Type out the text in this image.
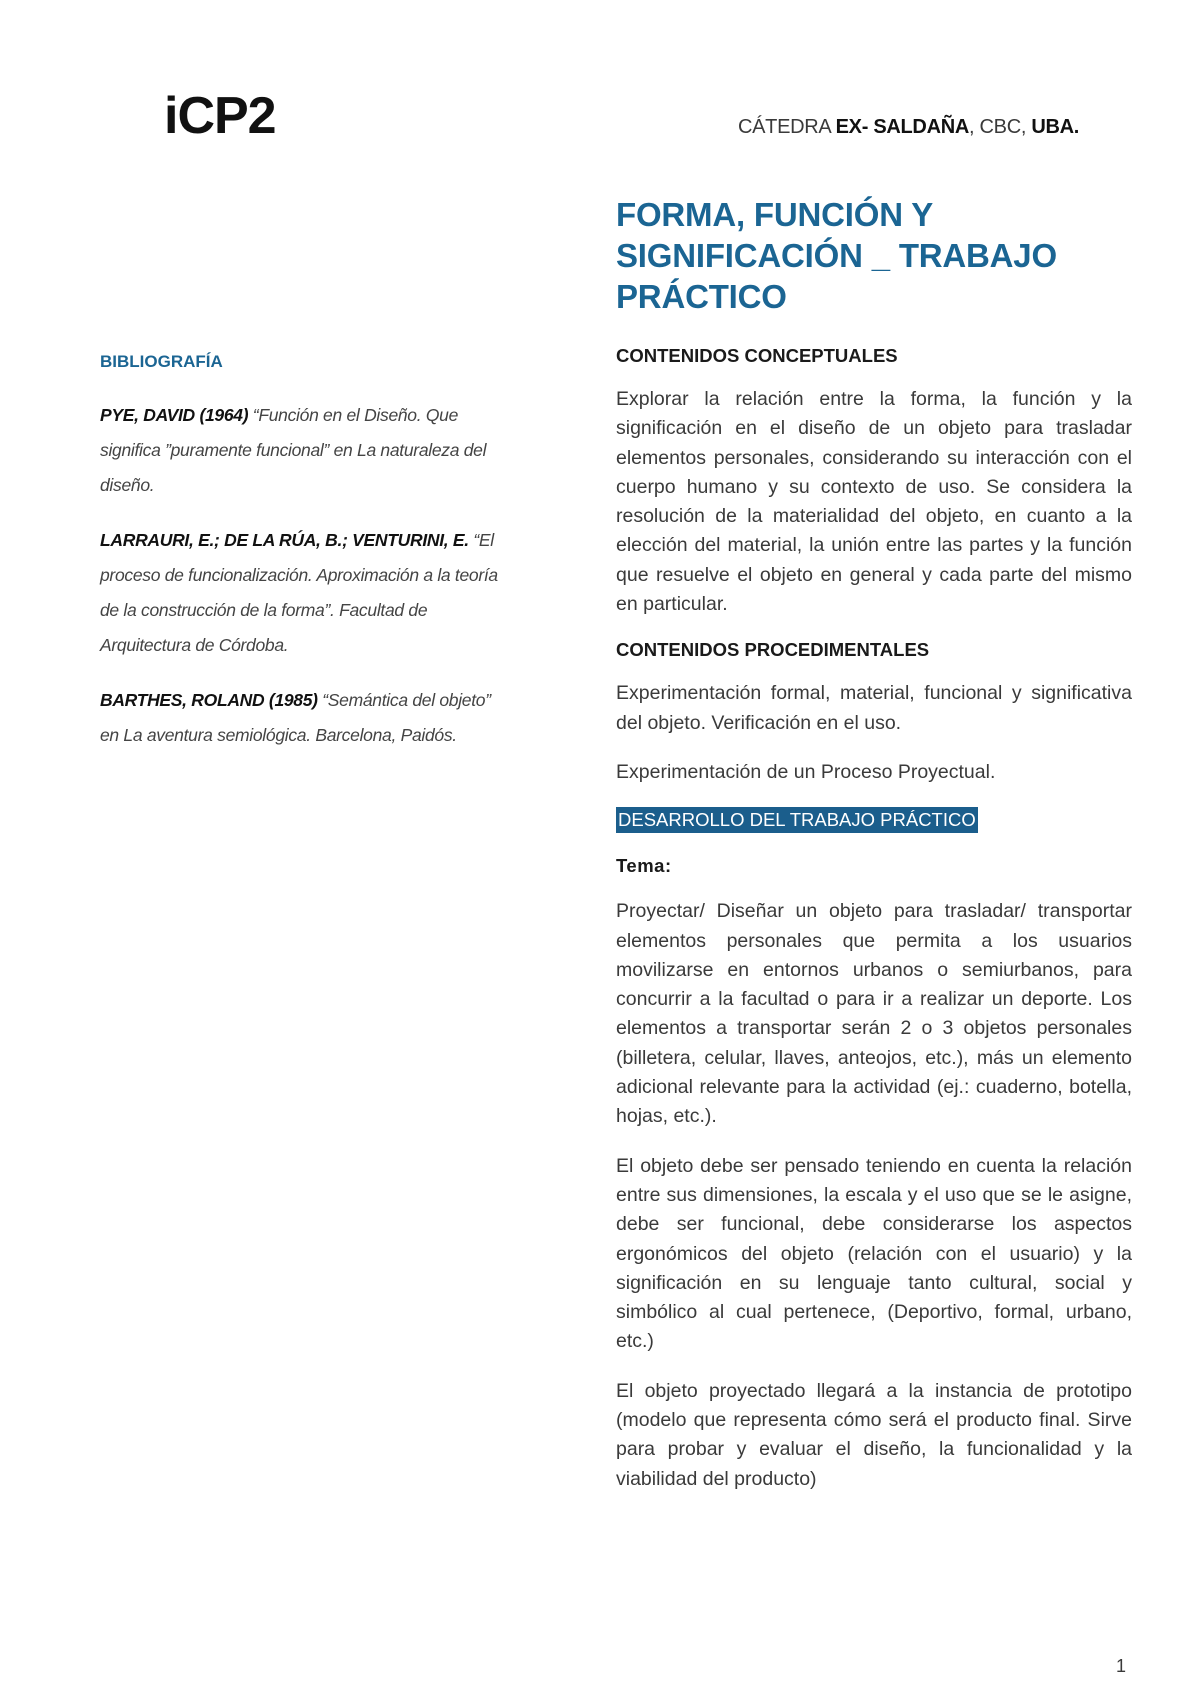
iCP2	CÁTEDRA EX- SALDAÑA, CBC, UBA.
BIBLIOGRAFÍA

PYE, DAVID (1964) “Función en el Diseño. Que significa ”puramente funcional” en La naturaleza del diseño.

LARRAURI, E.; DE LA RÚA, B.; VENTURINI, E. “El proceso de funcionalización. Aproximación a la teoría de la construcción de la forma”. Facultad de Arquitectura de Córdoba.

BARTHES, ROLAND (1985) “Semántica del objeto” en La aventura semiológica. Barcelona, Paidós.

FORMA, FUNCIÓN Y SIGNIFICACIÓN _ TRABAJO PRÁCTICO
CONTENIDOS CONCEPTUALES

Explorar la relación entre la forma, la función y la significación en el diseño de un objeto para trasladar elementos personales, considerando su interacción con el cuerpo humano y su contexto de uso. Se considera la resolución de la materialidad del objeto, en cuanto a la elección del material, la unión entre las partes y la función que resuelve el objeto en general y cada parte del mismo en particular.

CONTENIDOS PROCEDIMENTALES

Experimentación formal, material, funcional y significativa del objeto. Verificación en el uso.

Experimentación de un Proceso Proyectual.

DESARROLLO DEL TRABAJO PRÁCTICO
Tema:

Proyectar/ Diseñar un objeto para trasladar/ transportar elementos personales que permita a los usuarios movilizarse en entornos urbanos o semiurbanos, para concurrir a la facultad o para ir a realizar un deporte. Los elementos a transportar serán 2 o 3 objetos personales (billetera, celular, llaves, anteojos, etc.), más un elemento adicional relevante para la actividad (ej.: cuaderno, botella, hojas, etc.).

El objeto debe ser pensado teniendo en cuenta la relación entre sus dimensiones, la escala y el uso que se le asigne, debe ser funcional, debe considerarse los aspectos ergonómicos del objeto (relación con el usuario) y la significación en su lenguaje tanto cultural, social y simbólico al cual pertenece, (Deportivo, formal, urbano, etc.)

El objeto proyectado llegará a la instancia de prototipo (modelo que representa cómo será el producto final. Sirve para probar y evaluar el diseño, la funcionalidad y la viabilidad del producto)

1
